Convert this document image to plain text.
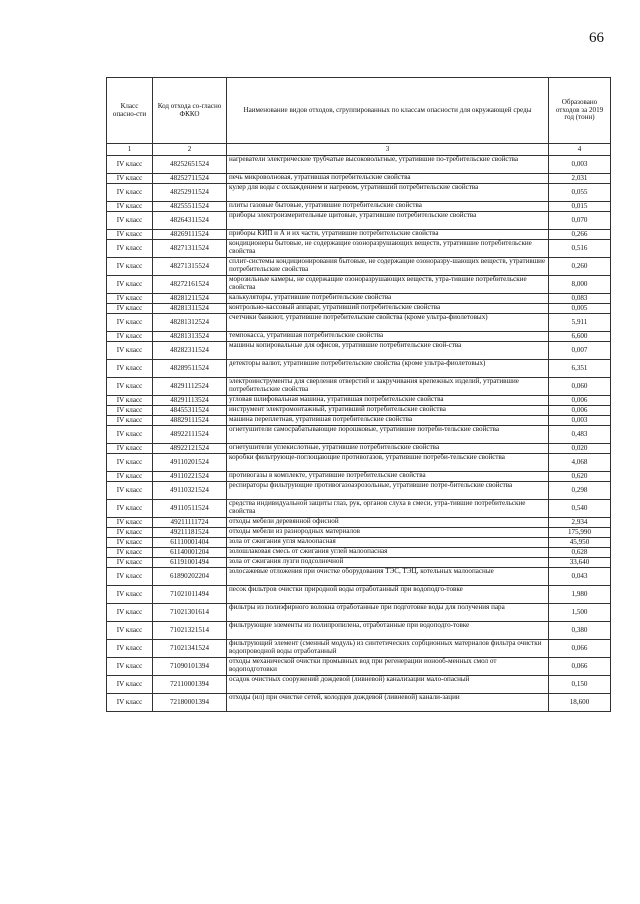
66
Класс опасно-сти	Код отхода со-гласно ФККО	Наименование видов отходов, сгруппированных по классам опасности для окружающей среды	Образовано отходов за 2019 год (тонн)
1	2	3	4
IV класс	48252651524	нагреватели электрические трубчатые высоковольтные, утратившие по-требительские свойства	0,003
IV класс	48252711524	печь микроволновая, утратившая потребительские свойства	2,031
IV класс	48252911524	кулер для воды с охлаждением и нагревом, утративший потребительские свойства	0,055
IV класс	48255511524	плиты газовые бытовые, утратившие потребительские свойства	0,015
IV класс	48264311524	приборы электроизмерительные щитовые, утратившие потребительские свойства	0,070
IV класс	48269111524	приборы КИП и А и их части, утратившие потребительские свойства	0,266
IV класс	48271311524	кондиционеры бытовые, не содержащие озоноразрушающих веществ, утратившие потребительские свойства	0,516
IV класс	48271315524	сплит-системы кондиционирования бытовые, не содержащие озоноразру-шающих веществ, утратившие потребительские свойства	0,260
IV класс	48272161524	морозильные камеры, не содержащие озоноразрушающих веществ, утра-тившие потребительские свойства	8,000
IV класс	48281211524	калькуляторы, утратившие потребительские свойства	0,083
IV класс	48281311524	контрольно-кассовый аппарат, утративший потребительские свойства	0,005
IV класс	48281312524	счетчики банкнот, утратившие потребительские свойства (кроме ультра-фиолетовых)	5,911
IV класс	48281313524	темпокасса, утратившая потребительские свойства	6,600
IV класс	48282311524	машины копировальные для офисов, утратившие потребительские свой-ства	0,007
IV класс	48289511524	детекторы валют, утратившие потребительские свойства (кроме ультра-фиолетовых)	6,351
IV класс	48291112524	электроинструменты для сверления отверстий и закручивания крепежных изделий, утратившие потребительские свойства	0,060
IV класс	48291113524	угловая шлифовальная машина, утратившая потребительские свойства	0,006
IV класс	48455311524	инструмент электромонтажный, утративший потребительские свойства	0,006
IV класс	48829111524	машина переплетная, утратившая потребительские свойства	0,003
IV класс	48922111524	огнетушители самосрабатывающие порошковые, утратившие потреби-тельские свойства	0,483
IV класс	48922121524	огнетушители углекислотные, утратившие потребительские свойства	0,020
IV класс	49110201524	коробки фильтрующе-поглощающие противогазов, утратившие потреби-тельские свойства	4,068
IV класс	49110221524	противогазы в комплекте, утратившие потребительские свойства	0,620
IV класс	49110321524	респираторы фильтрующие противогазоаэрозольные, утратившие потре-бительские свойства	0,298
IV класс	49110511524	средства индивидуальной защиты глаз, рук, органов слуха в смеси, утра-тившие потребительские свойства	0,540
IV класс	49211111724	отходы мебели деревянной офисной	2,934
IV класс	49211181524	отходы мебели из разнородных материалов	175,990
IV класс	61110001404	зола от сжигания угля малоопасная	45,950
IV класс	61140001204	золошлаковая смесь от сжигания углей малоопасная	0,628
IV класс	61191001494	зола от сжигания лузги подсолнечной	33,640
IV класс	61890202204	золосажевые отложения при очистке оборудования ТЭС, ТЭЦ, котельных малоопасные	0,043
IV класс	71021011494	песок фильтров очистки природной воды отработанный при водоподго-товке	1,980
IV класс	71021301614	фильтры из полиэфирного волокна отработанные при подготовке воды для получения пара	1,500
IV класс	71021321514	фильтрующие элементы из полипропилена, отработанные при водоподго-товке	0,380
IV класс	71021341524	фильтрующий элемент (сменный модуль) из синтетических сорбционных материалов фильтра очистки водопроводной воды отработанный	0,066
IV класс	71090101394	отходы механической очистки промывных вод при регенерации ионооб-менных смол от водоподготовки	0,066
IV класс	72110001394	осадок очистных сооружений дождевой (ливневой) канализации мало-опасный	0,150
IV класс	72180001394	отходы (ил) при очистке сетей, колодцев дождевой (ливневой) канали-зации	18,600
